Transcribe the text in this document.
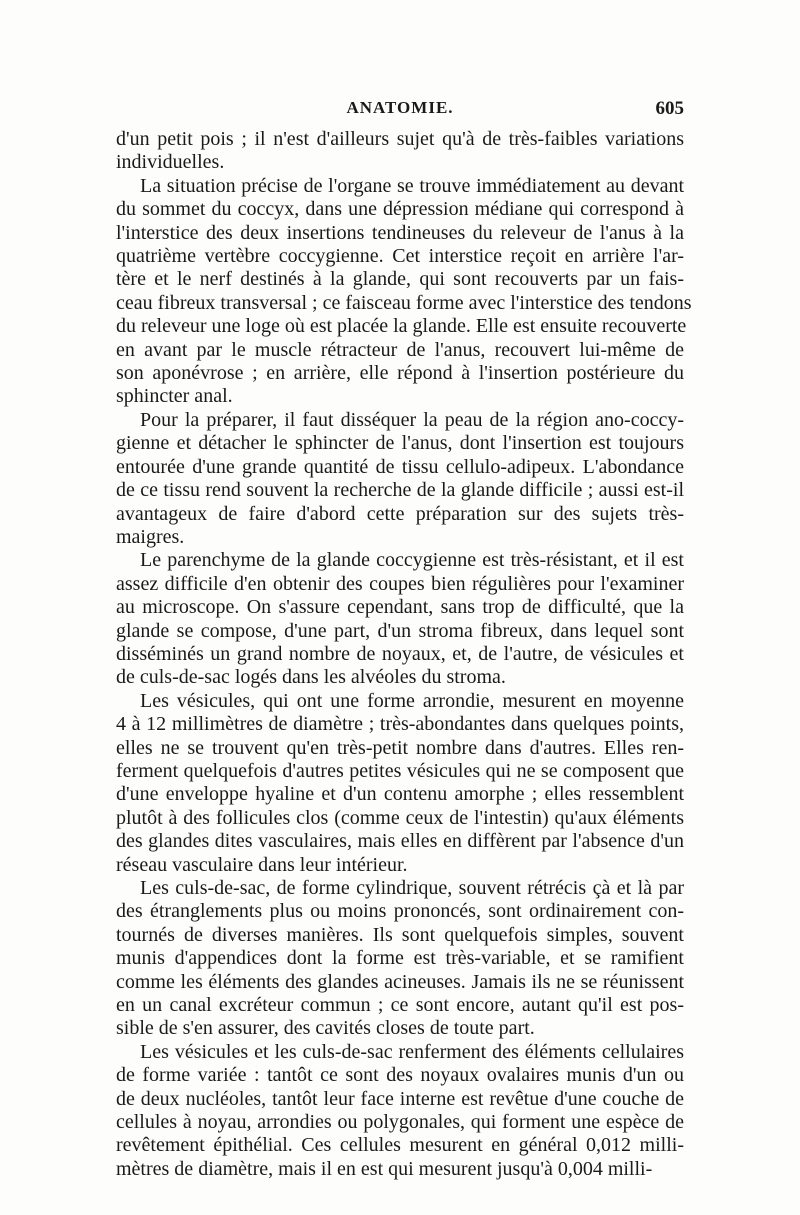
ANATOMIE.	605
d'un petit pois ; il n'est d'ailleurs sujet qu'à de très-faibles variations
individuelles.
La situation précise de l'organe se trouve immédiatement au devant
du sommet du coccyx, dans une dépression médiane qui correspond à
l'interstice des deux insertions tendineuses du releveur de l'anus à la
quatrième vertèbre coccygienne. Cet interstice reçoit en arrière l'ar-
tère et le nerf destinés à la glande, qui sont recouverts par un fais-
ceau fibreux transversal ; ce faisceau forme avec l'interstice des tendons
du releveur une loge où est placée la glande. Elle est ensuite recouverte
en avant par le muscle rétracteur de l'anus, recouvert lui-même de
son aponévrose ; en arrière, elle répond à l'insertion postérieure du
sphincter anal.
Pour la préparer, il faut disséquer la peau de la région ano-coccy-
gienne et détacher le sphincter de l'anus, dont l'insertion est toujours
entourée d'une grande quantité de tissu cellulo-adipeux. L'abondance
de ce tissu rend souvent la recherche de la glande difficile ; aussi est-il
avantageux de faire d'abord cette préparation sur des sujets très-
maigres.
Le parenchyme de la glande coccygienne est très-résistant, et il est
assez difficile d'en obtenir des coupes bien régulières pour l'examiner
au microscope. On s'assure cependant, sans trop de difficulté, que la
glande se compose, d'une part, d'un stroma fibreux, dans lequel sont
disséminés un grand nombre de noyaux, et, de l'autre, de vésicules et
de culs-de-sac logés dans les alvéoles du stroma.
Les vésicules, qui ont une forme arrondie, mesurent en moyenne
4 à 12 millimètres de diamètre ; très-abondantes dans quelques points,
elles ne se trouvent qu'en très-petit nombre dans d'autres. Elles ren-
ferment quelquefois d'autres petites vésicules qui ne se composent que
d'une enveloppe hyaline et d'un contenu amorphe ; elles ressemblent
plutôt à des follicules clos (comme ceux de l'intestin) qu'aux éléments
des glandes dites vasculaires, mais elles en diffèrent par l'absence d'un
réseau vasculaire dans leur intérieur.
Les culs-de-sac, de forme cylindrique, souvent rétrécis çà et là par
des étranglements plus ou moins prononcés, sont ordinairement con-
tournés de diverses manières. Ils sont quelquefois simples, souvent
munis d'appendices dont la forme est très-variable, et se ramifient
comme les éléments des glandes acineuses. Jamais ils ne se réunissent
en un canal excréteur commun ; ce sont encore, autant qu'il est pos-
sible de s'en assurer, des cavités closes de toute part.
Les vésicules et les culs-de-sac renferment des éléments cellulaires
de forme variée : tantôt ce sont des noyaux ovalaires munis d'un ou
de deux nucléoles, tantôt leur face interne est revêtue d'une couche de
cellules à noyau, arrondies ou polygonales, qui forment une espèce de
revêtement épithélial. Ces cellules mesurent en général 0,012 milli-
mètres de diamètre, mais il en est qui mesurent jusqu'à 0,004 milli-
